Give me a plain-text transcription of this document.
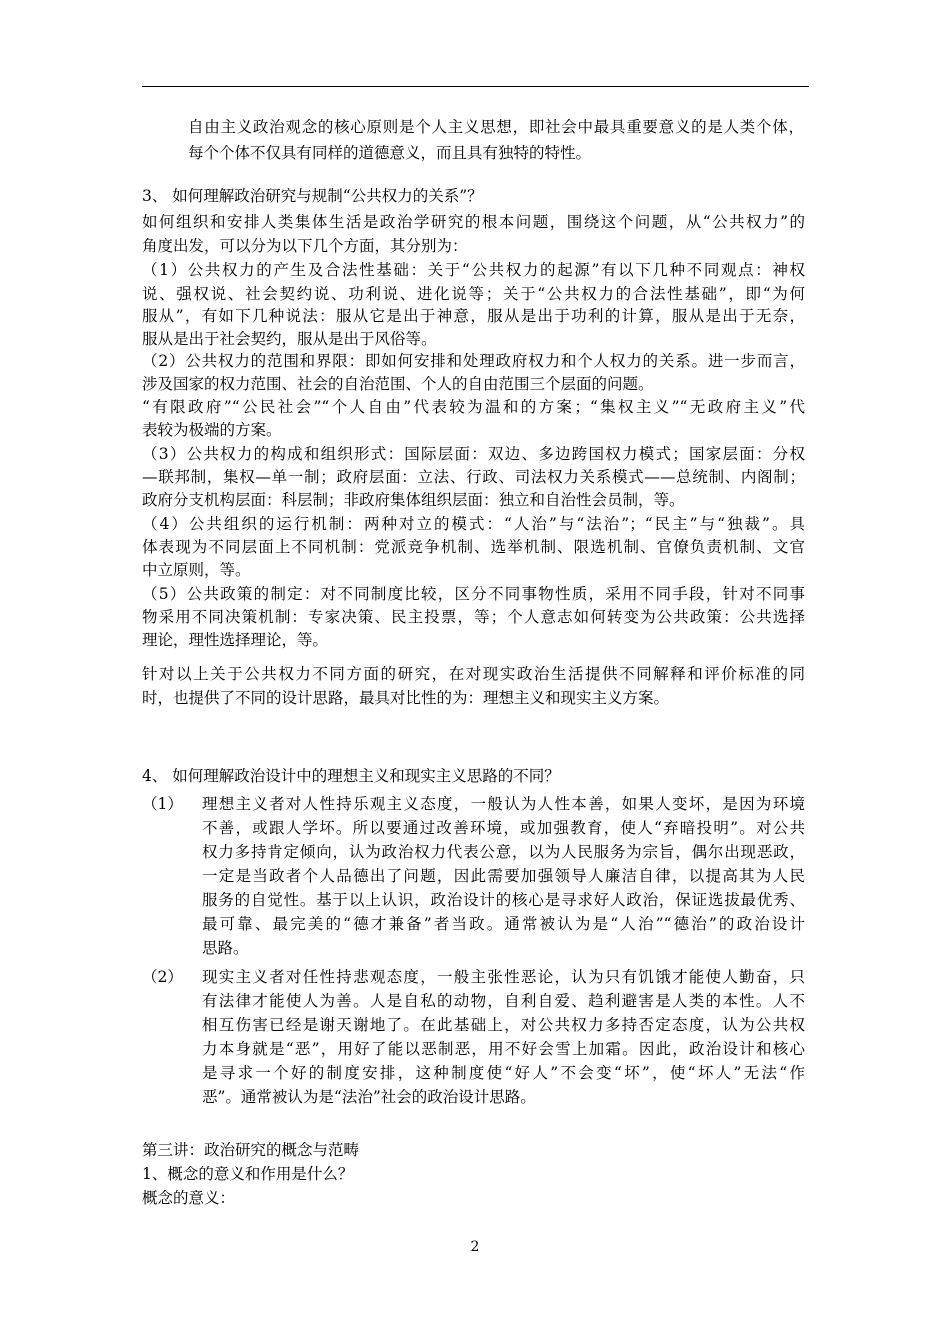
自由主义政治观念的核心原则是个人主义思想，即社会中最具重要意义的是人类个体，
每个个体不仅具有同样的道德意义，而且具有独特的特性。
3、 如何理解政治研究与规制“公共权力的关系”？
如何组织和安排人类集体生活是政治学研究的根本问题，围绕这个问题，从“公共权力”的
角度出发，可以分为以下几个方面，其分别为：
（1）公共权力的产生及合法性基础：关于“公共权力的起源”有以下几种不同观点：神权
说、强权说、社会契约说、功利说、进化说等；关于“公共权力的合法性基础”，即“为何
服从”，有如下几种说法：服从它是出于神意，服从是出于功利的计算，服从是出于无奈，
服从是出于社会契约，服从是出于风俗等。
（2）公共权力的范围和界限：即如何安排和处理政府权力和个人权力的关系。进一步而言，
涉及国家的权力范围、社会的自治范围、个人的自由范围三个层面的问题。
“有限政府”“公民社会”“个人自由”代表较为温和的方案；“集权主义”“无政府主义”代
表较为极端的方案。
（3）公共权力的构成和组织形式：国际层面：双边、多边跨国权力模式；国家层面：分权
—联邦制，集权—单一制；政府层面：立法、行政、司法权力关系模式——总统制、内阁制；
政府分支机构层面：科层制；非政府集体组织层面：独立和自治性会员制，等。
（4）公共组织的运行机制：两种对立的模式：“人治”与“法治”；“民主”与“独裁”。具
体表现为不同层面上不同机制：党派竞争机制、选举机制、限选机制、官僚负责机制、文官
中立原则，等。
（5）公共政策的制定：对不同制度比较，区分不同事物性质，采用不同手段，针对不同事
物采用不同决策机制：专家决策、民主投票，等；个人意志如何转变为公共政策：公共选择
理论，理性选择理论，等。
针对以上关于公共权力不同方面的研究，在对现实政治生活提供不同解释和评价标准的同
时，也提供了不同的设计思路，最具对比性的为：理想主义和现实主义方案。
4、 如何理解政治设计中的理想主义和现实主义思路的不同？
（1） 理想主义者对人性持乐观主义态度，一般认为人性本善，如果人变坏，是因为环境
不善，或跟人学坏。所以要通过改善环境，或加强教育，使人“弃暗投明”。对公共
权力多持肯定倾向，认为政治权力代表公意，以为人民服务为宗旨，偶尔出现恶政，
一定是当政者个人品德出了问题，因此需要加强领导人廉洁自律，以提高其为人民
服务的自觉性。基于以上认识，政治设计的核心是寻求好人政治，保证选拔最优秀、
最可靠、最完美的“德才兼备”者当政。通常被认为是“人治”“德治”的政治设计
思路。
（2） 现实主义者对任性持悲观态度，一般主张性恶论，认为只有饥饿才能使人勤奋，只
有法律才能使人为善。人是自私的动物，自利自爱、趋利避害是人类的本性。人不
相互伤害已经是谢天谢地了。在此基础上，对公共权力多持否定态度，认为公共权
力本身就是“恶”，用好了能以恶制恶，用不好会雪上加霜。因此，政治设计和核心
是寻求一个好的制度安排，这种制度使“好人”不会变“坏”，使“坏人”无法“作
恶”。通常被认为是“法治”社会的政治设计思路。
第三讲：政治研究的概念与范畴
1、概念的意义和作用是什么？
概念的意义：
2
